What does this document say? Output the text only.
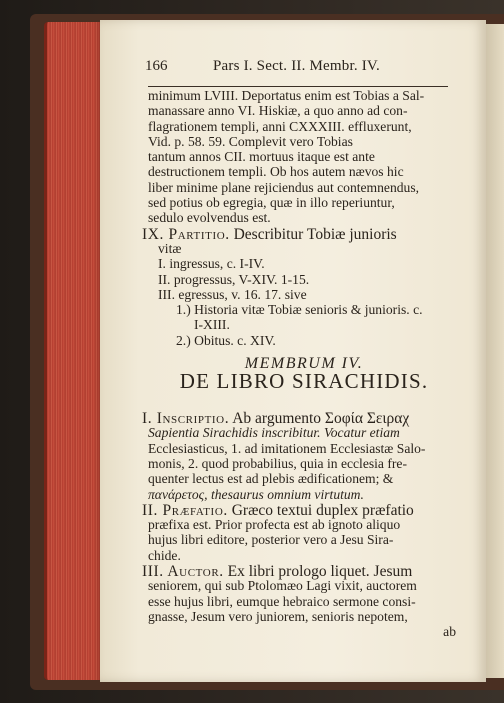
166	Pars I. Sect. II. Membr. IV.
minimum LVIII. Deportatus enim est Tobias a Sal-
manassare anno VI. Hiskiæ, a quo anno ad con-
flagrationem templi, anni CXXXIII. effluxerunt,
Vid. p. 58. 59. Complevit vero Tobias
tantum annos CII. mortuus itaque est ante
destructionem templi. Ob hos autem nævos hic
liber minime plane rejiciendus aut contemnendus,
sed potius ob egregia, quæ in illo reperiuntur,
sedulo evolvendus est.
IX. Partitio. Describitur Tobiæ junioris
vitæ
I. ingressus, c. I-IV.
II. progressus, V-XIV. 1-15.
III. egressus, v. 16. 17. sive
1.) Historia vitæ Tobiæ senioris & junioris. c.
I-XIII.
2.) Obitus. c. XIV.
MEMBRUM IV.
DE LIBRO SIRACHIDIS.
I. Inscriptio. Ab argumento Σοφία Σειραχ
Sapientia Sirachidis inscribitur. Vocatur etiam
Ecclesiasticus, 1. ad imitationem Ecclesiastæ Salo-
monis, 2. quod probabilius, quia in ecclesia fre-
quenter lectus est ad plebis ædificationem; &
πανάρετος, thesaurus omnium virtutum.
II. Præfatio. Græco textui duplex præfatio
præfixa est. Prior profecta est ab ignoto aliquo
hujus libri editore, posterior vero a Jesu Sira-
chide.
III. Auctor. Ex libri prologo liquet. Jesum
seniorem, qui sub Ptolomæo Lagi vixit, auctorem
esse hujus libri, eumque hebraico sermone consi-
gnasse, Jesum vero juniorem, senioris nepotem,
ab
